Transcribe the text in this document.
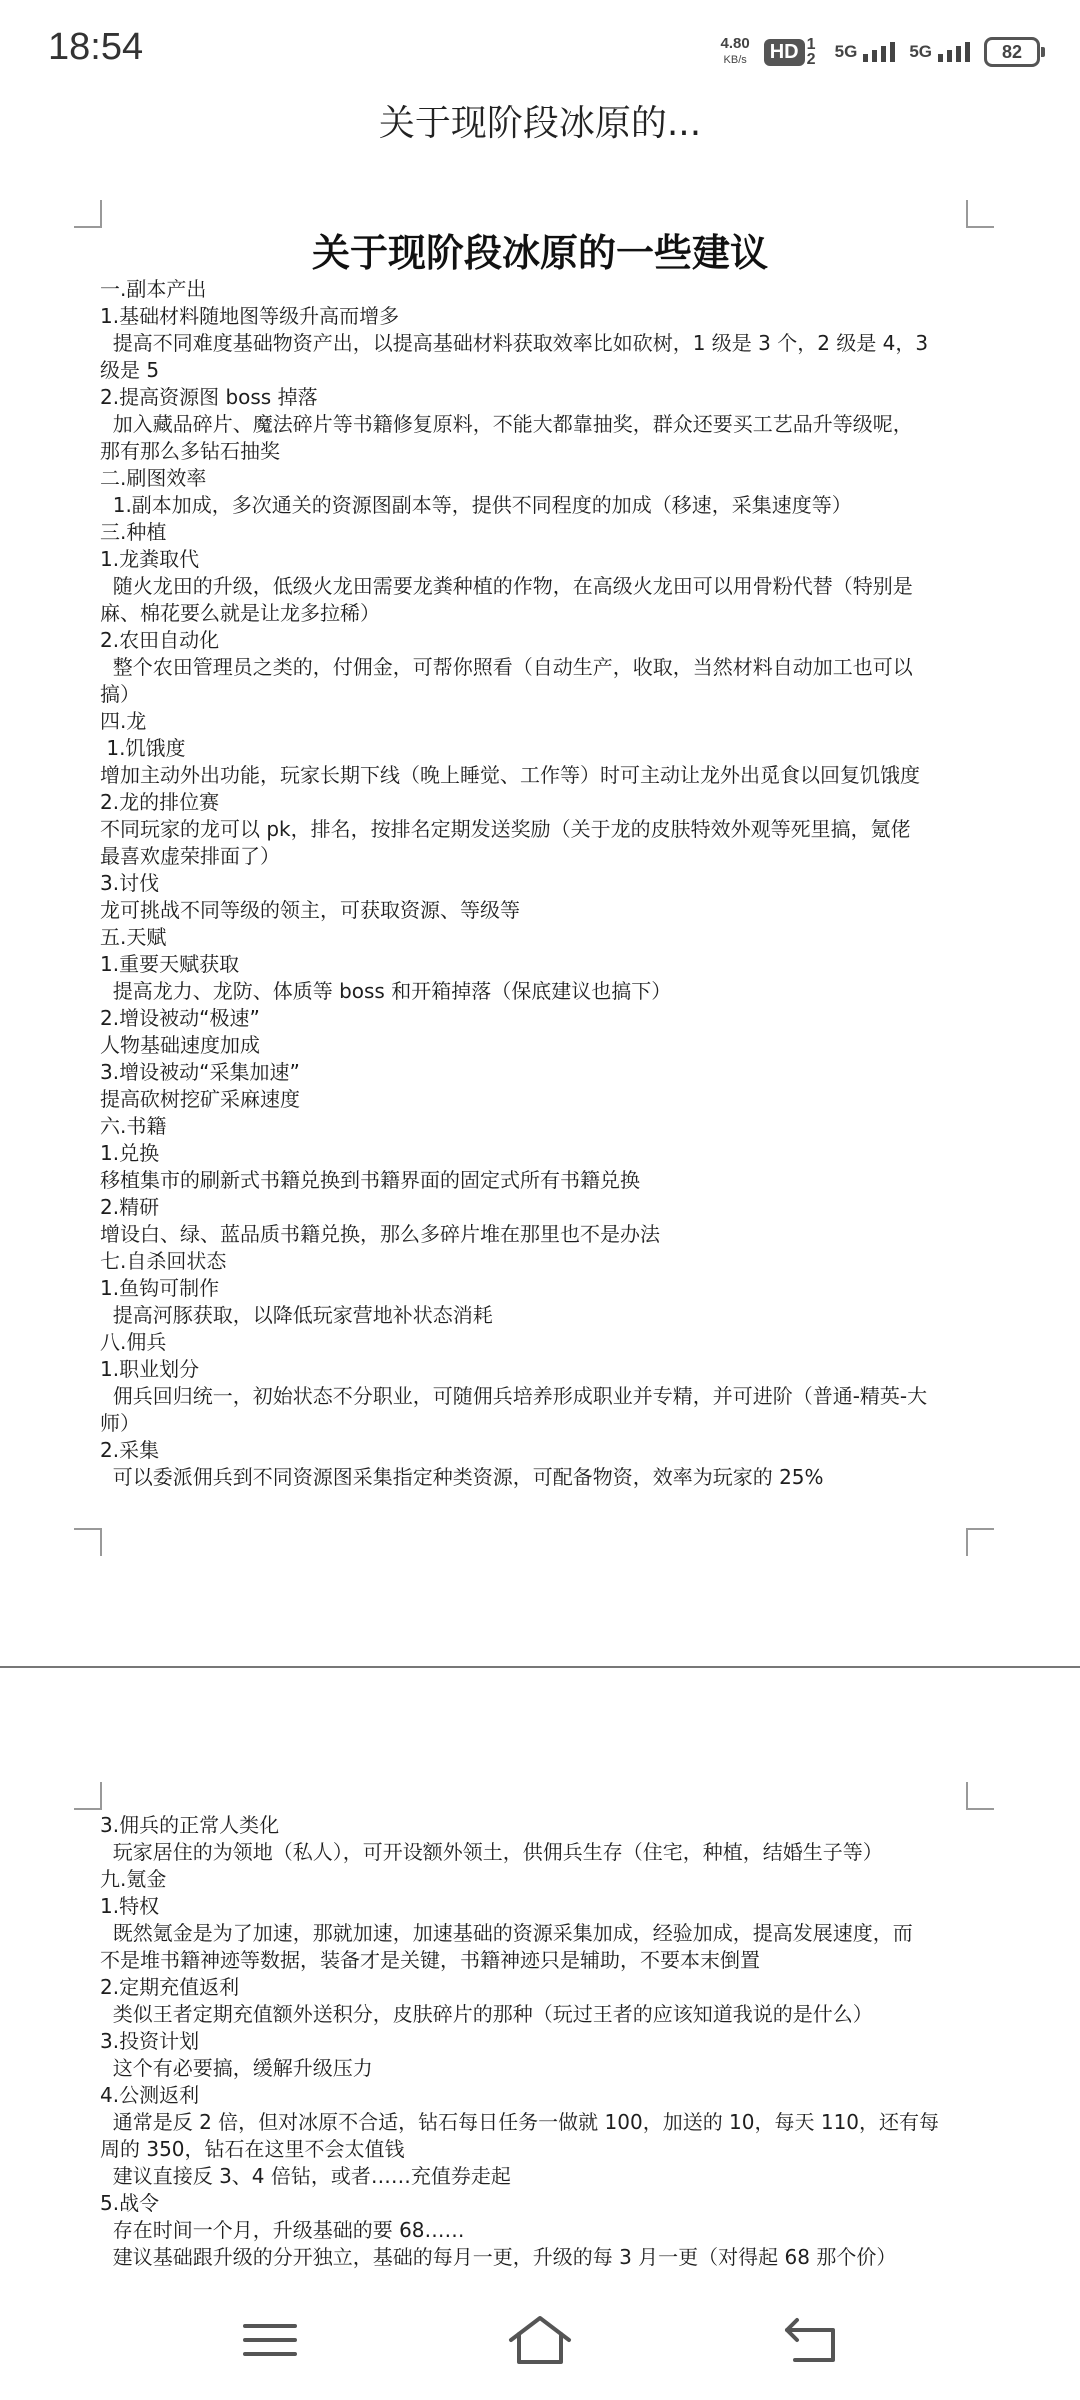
18:54	4.80
KB/s	HD 1 2 5G	5G	82
关于现阶段冰原的...
关于现阶段冰原的一些建议

一.副本产出

1.基础材料随地图等级升高而增多

提高不同难度基础物资产出，以提高基础材料获取效率比如砍树，1 级是 3 个，2 级是 4，3

级是 5

2.提高资源图 boss 掉落

加入藏品碎片、魔法碎片等书籍修复原料，不能大都靠抽奖，群众还要买工艺品升等级呢，

那有那么多钻石抽奖

二.刷图效率

1.副本加成，多次通关的资源图副本等，提供不同程度的加成（移速，采集速度等）

三.种植

1.龙粪取代

随火龙田的升级，低级火龙田需要龙粪种植的作物，在高级火龙田可以用骨粉代替（特别是

麻、棉花要么就是让龙多拉稀）

2.农田自动化

整个农田管理员之类的，付佣金，可帮你照看（自动生产，收取，当然材料自动加工也可以

搞）

四.龙

1.饥饿度

增加主动外出功能，玩家长期下线（晚上睡觉、工作等）时可主动让龙外出觅食以回复饥饿度

2.龙的排位赛

不同玩家的龙可以 pk，排名，按排名定期发送奖励（关于龙的皮肤特效外观等死里搞，氪佬

最喜欢虚荣排面了）

3.讨伐

龙可挑战不同等级的领主，可获取资源、等级等

五.天赋

1.重要天赋获取

提高龙力、龙防、体质等 boss 和开箱掉落（保底建议也搞下）

2.增设被动“极速”

人物基础速度加成

3.增设被动“采集加速”

提高砍树挖矿采麻速度

六.书籍

1.兑换

移植集市的刷新式书籍兑换到书籍界面的固定式所有书籍兑换

2.精研

增设白、绿、蓝品质书籍兑换，那么多碎片堆在那里也不是办法

七.自杀回状态

1.鱼钩可制作

提高河豚获取，以降低玩家营地补状态消耗

八.佣兵

1.职业划分

佣兵回归统一，初始状态不分职业，可随佣兵培养形成职业并专精，并可进阶（普通-精英-大

师）

2.采集

可以委派佣兵到不同资源图采集指定种类资源，可配备物资，效率为玩家的 25%

3.佣兵的正常人类化

玩家居住的为领地（私人），可开设额外领土，供佣兵生存（住宅，种植，结婚生子等）

九.氪金

1.特权

既然氪金是为了加速，那就加速，加速基础的资源采集加成，经验加成，提高发展速度，而

不是堆书籍神迹等数据，装备才是关键，书籍神迹只是辅助，不要本末倒置

2.定期充值返利

类似王者定期充值额外送积分，皮肤碎片的那种（玩过王者的应该知道我说的是什么）

3.投资计划

这个有必要搞，缓解升级压力

4.公测返利

通常是反 2 倍，但对冰原不合适，钻石每日任务一做就 100，加送的 10，每天 110，还有每

周的 350，钻石在这里不会太值钱

建议直接反 3、4 倍钻，或者……充值券走起

5.战令

存在时间一个月，升级基础的要 68……

建议基础跟升级的分开独立，基础的每月一更，升级的每 3 月一更（对得起 68 那个价）
